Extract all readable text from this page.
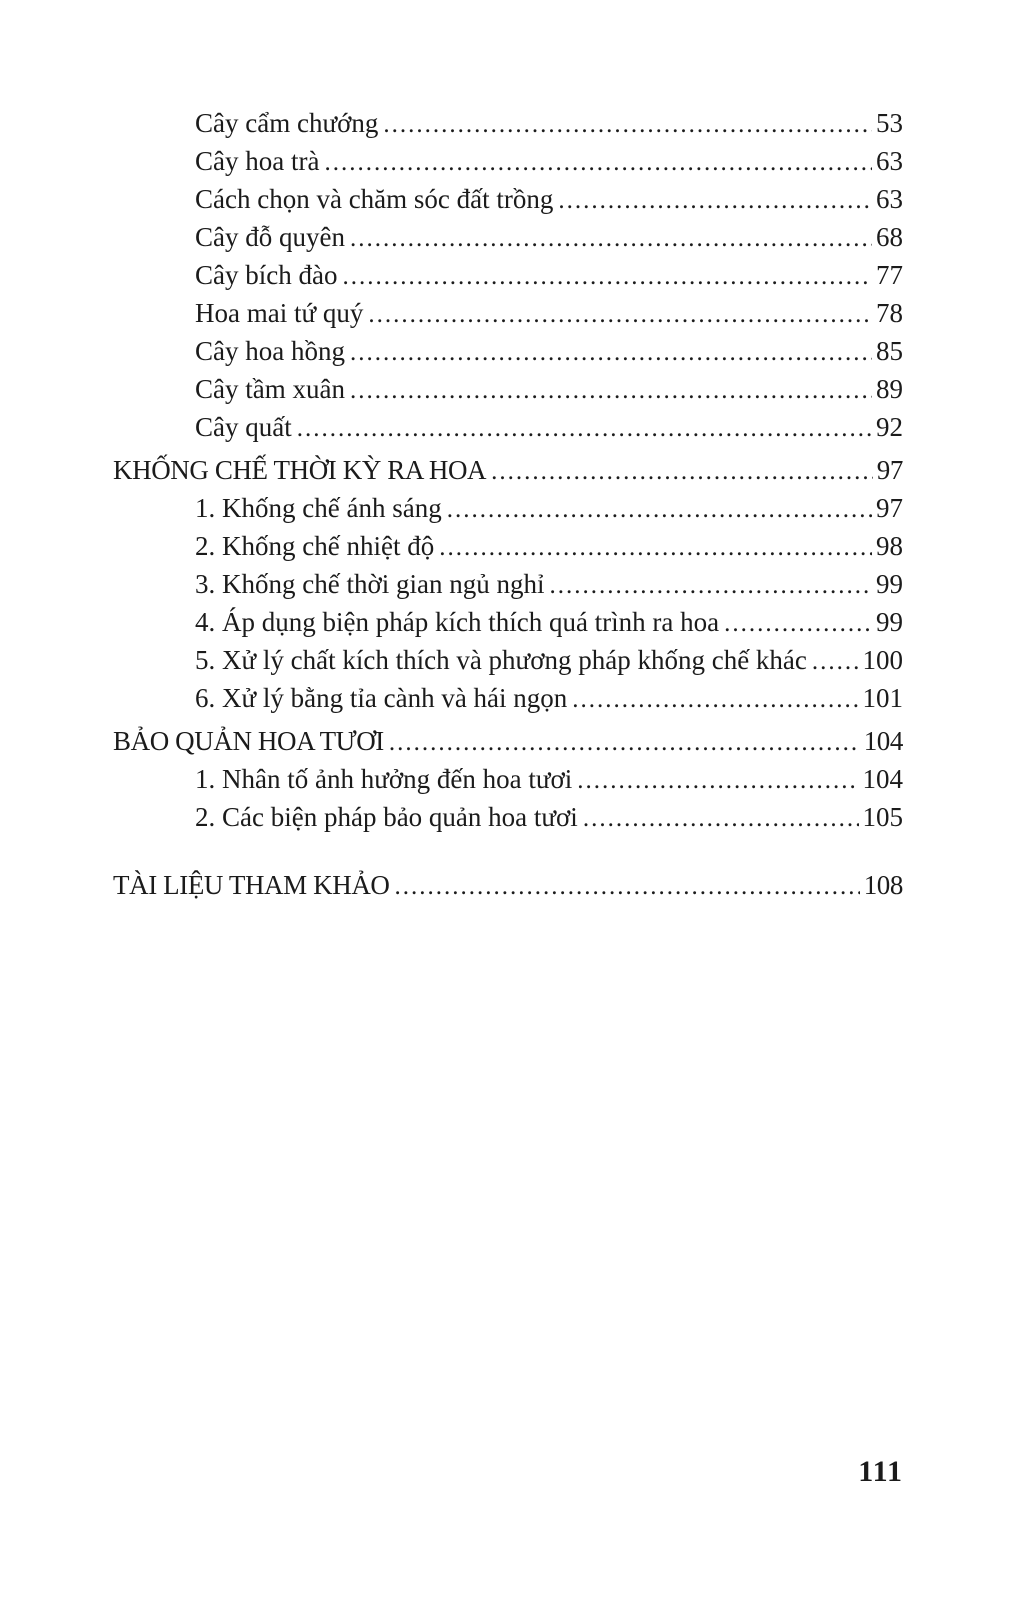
Cây cẩm chướng .....	53
Cây hoa trà .....	63
Cách chọn và chăm sóc đất trồng .....	63
Cây đỗ quyên .....	68
Cây bích đào .....	77
Hoa mai tứ quý .....	78
Cây hoa hồng .....	85
Cây tầm xuân .....	89
Cây quất .....	92
KHỐNG CHẾ THỜI KỲ RA HOA .....	97
1. Khống chế ánh sáng .....	97
2. Khống chế nhiệt độ .....	98
3. Khống chế thời gian ngủ nghỉ .....	99
4. Áp dụng biện pháp kích thích quá trình ra hoa .....	99
5. Xử lý chất kích thích và phương pháp khống chế khác ..... 100
6. Xử lý bằng tỉa cành và hái ngọn .....	101
BẢO QUẢN HOA TƯƠI .....	104
1. Nhân tố ảnh hưởng đến hoa tươi .....	104
2. Các biện pháp bảo quản hoa tươi .....	105
TÀI LIỆU THAM KHẢO .....	108
111
